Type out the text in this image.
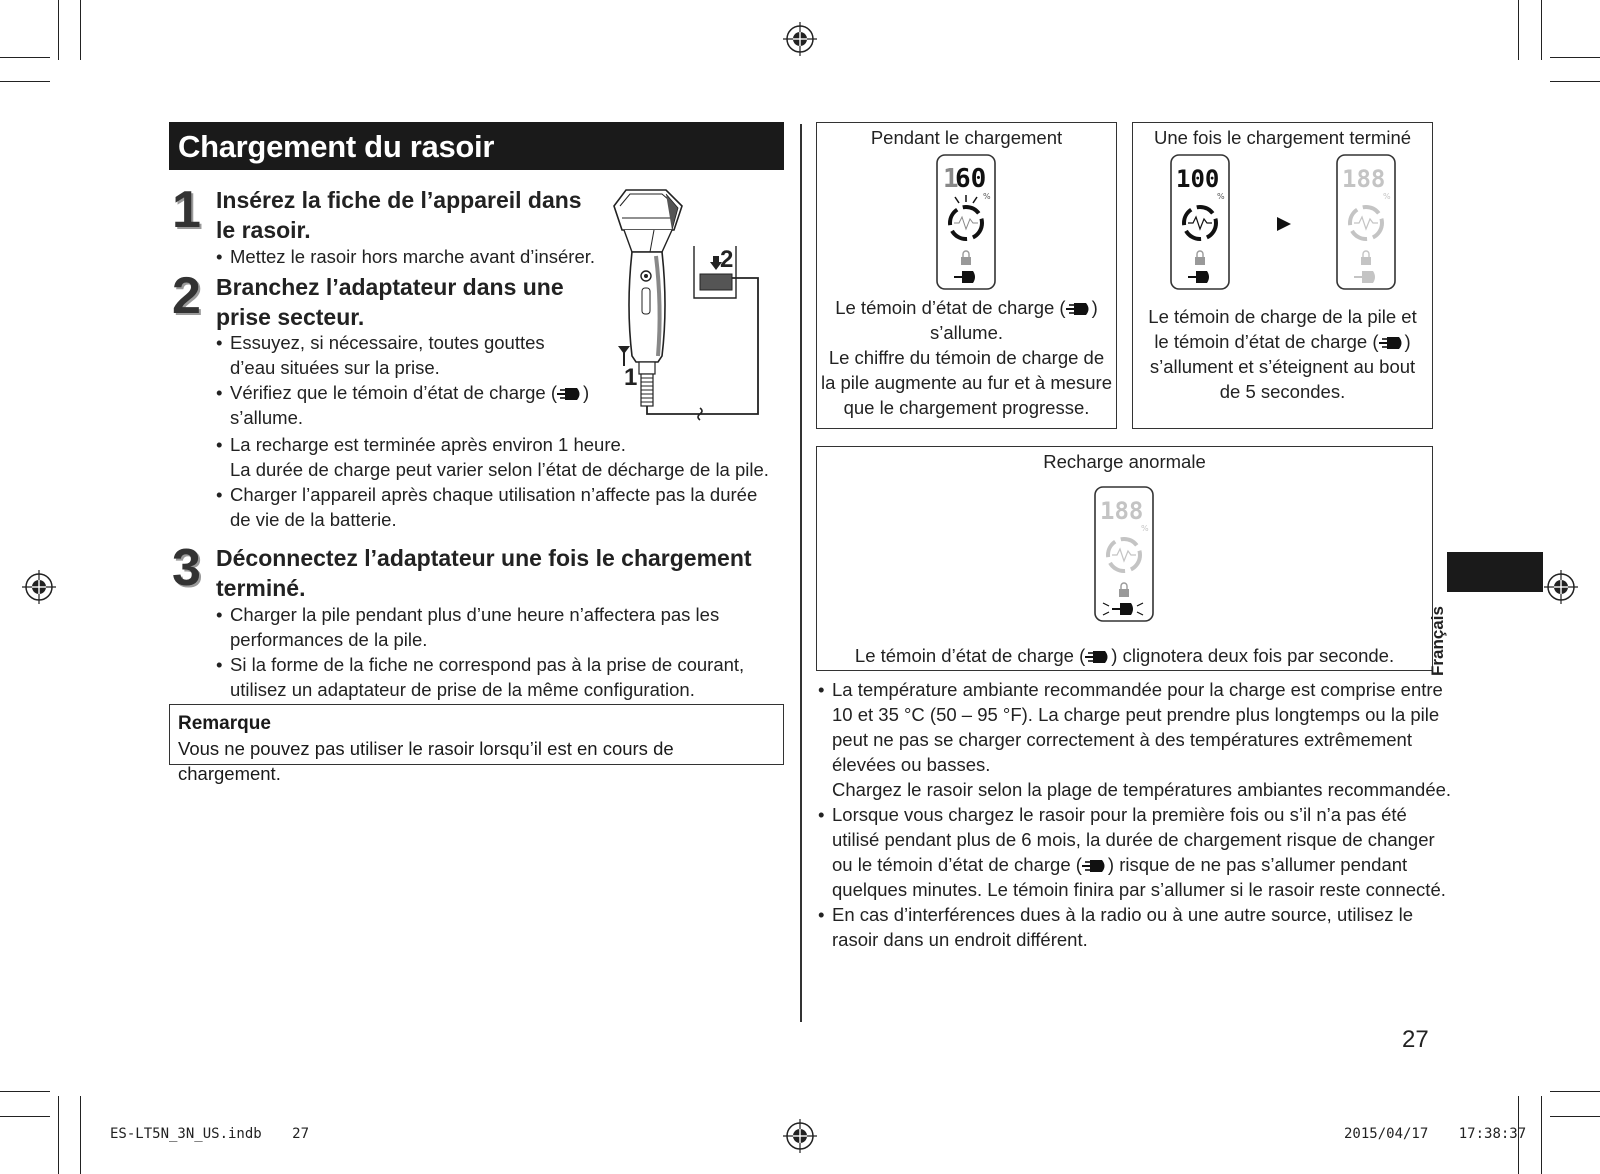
Chargement du rasoir
1 Insérez la fiche de l’appareil dans
le rasoir.
• Mettez le rasoir hors marche avant d’insérer.
2 Branchez l’adaptateur dans une
prise secteur.
• Essuyez, si nécessaire, toutes gouttes
d’eau situées sur la prise.
• Vérifiez que le témoin d’état de charge ( )
s’allume.
• La recharge est terminée après environ 1 heure.
La durée de charge peut varier selon l’état de décharge de la pile.
• Charger l’appareil après chaque utilisation n’affecte pas la durée
de vie de la batterie.
2
1
3 Déconnectez l’adaptateur une fois le chargement
terminé.
• Charger la pile pendant plus d’une heure n’affectera pas les
performances de la pile.
• Si la forme de la fiche ne correspond pas à la prise de courant,
utilisez un adaptateur de prise de la même configuration.
Remarque
Vous ne pouvez pas utiliser le rasoir lorsqu’il est en cours de chargement.
Pendant le chargement
1
60
%
Le témoin d’état de charge ( )
s’allume.
Le chiffre du témoin de charge de
la pile augmente au fur et à mesure
que le chargement progresse.
Une fois le chargement terminé
100
%
188
%
Le témoin de charge de la pile et
le témoin d’état de charge ( )
s’allument et s’éteignent au bout
de 5 secondes.
Recharge anormale
188
%
Le témoin d’état de charge ( ) clignotera deux fois par seconde.
• La température ambiante recommandée pour la charge est comprise entre
10 et 35 °C (50 – 95 °F). La charge peut prendre plus longtemps ou la pile
peut ne pas se charger correctement à des températures extrêmement
élevées ou basses.
Chargez le rasoir selon la plage de températures ambiantes recommandée.
• Lorsque vous chargez le rasoir pour la première fois ou s’il n’a pas été
utilisé pendant plus de 6 mois, la durée de chargement risque de changer
ou le témoin d’état de charge ( ) risque de ne pas s’allumer pendant
quelques minutes. Le témoin finira par s’allumer si le rasoir reste connecté.
• En cas d’interférences dues à la radio ou à une autre source, utilisez le
rasoir dans un endroit différent.
Français
27
ES-LT5N_3N_US.indb 27	2015/04/17 17:38:37
